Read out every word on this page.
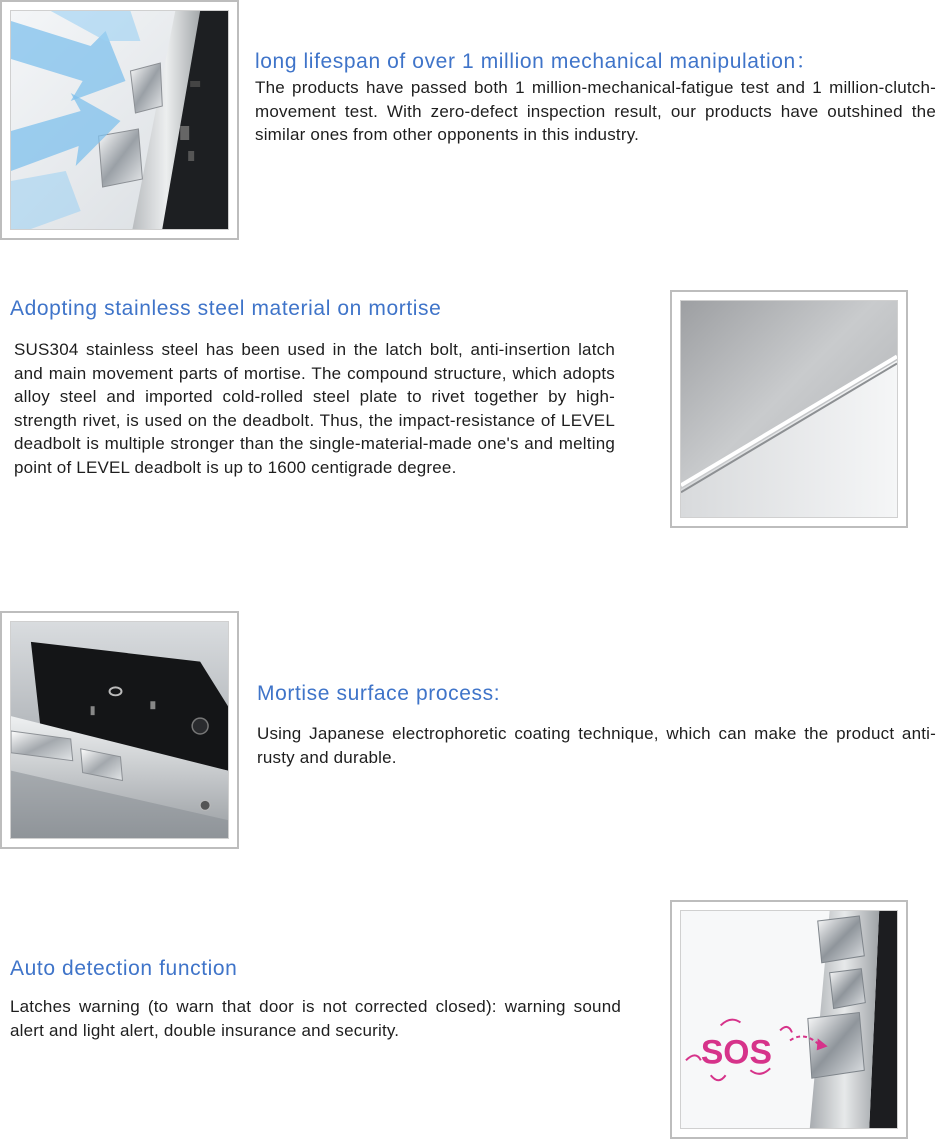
long lifespan of over 1 million mechanical manipulation：

The products have passed both 1 million-mechanical-fatigue test and 1 million-clutch- movement test. With zero-defect inspection result, our products have outshined the similar ones from other opponents in this industry.

Adopting stainless steel material on mortise

SUS304 stainless steel has been used in the latch bolt, anti-insertion latch and main movement parts of mortise. The compound structure, which adopts alloy steel and imported cold-rolled steel plate to rivet together by high-strength rivet, is used on the deadbolt. Thus, the impact-resistance of LEVEL deadbolt is multiple stronger than the single-material-made one's and melting point of LEVEL deadbolt is up to 1600 centigrade degree.

Mortise surface process:

Using Japanese electrophoretic coating technique, which can make the product anti-rusty and durable.

Auto detection function

Latches warning (to warn that door is not corrected closed): warning sound alert and light alert, double insurance and security.

SOS
